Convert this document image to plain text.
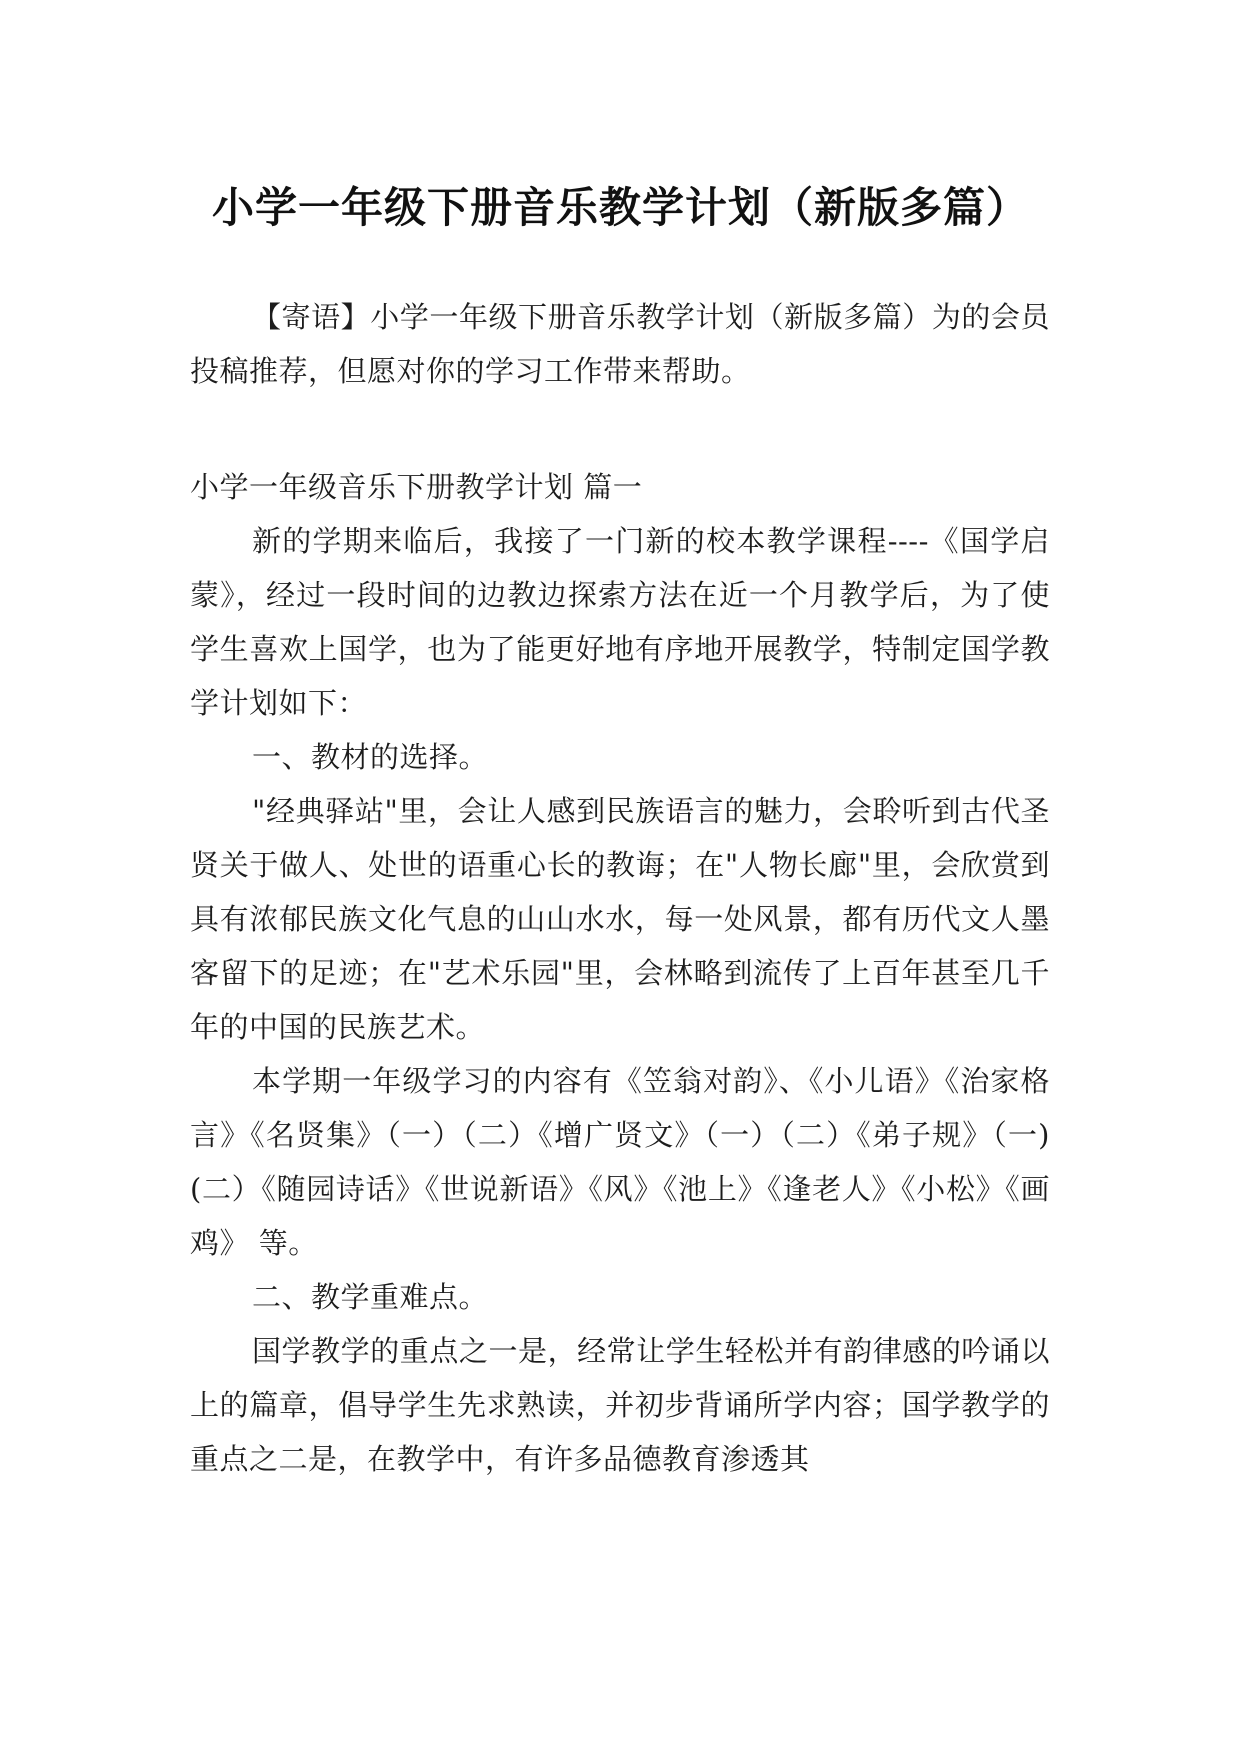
小学一年级下册音乐教学计划（新版多篇）

【寄语】小学一年级下册音乐教学计划（新版多篇）为的会员投稿推荐，但愿对你的学习工作带来帮助。

小学一年级音乐下册教学计划 篇一

新的学期来临后，我接了一门新的校本教学课程----《国学启蒙》，经过一段时间的边教边探索方法在近一个月教学后，为了使学生喜欢上国学，也为了能更好地有序地开展教学，特制定国学教学计划如下：

一、教材的选择。

"经典驿站"里，会让人感到民族语言的魅力，会聆听到古代圣贤关于做人、处世的语重心长的教诲；在"人物长廊"里，会欣赏到具有浓郁民族文化气息的山山水水，每一处风景，都有历代文人墨客留下的足迹；在"艺术乐园"里，会林略到流传了上百年甚至几千年的中国的民族艺术。

本学期一年级学习的内容有《笠翁对韵》、《小儿语》《治家格言》《名贤集》（一）（二）《增广贤文》（一）（二）《弟子规》（一)(二）《随园诗话》《世说新语》《风》《池上》《逢老人》《小松》《画鸡》 等。

二、教学重难点。

国学教学的重点之一是，经常让学生轻松并有韵律感的吟诵以上的篇章，倡导学生先求熟读，并初步背诵所学内容；国学教学的重点之二是，在教学中，有许多品德教育渗透其
